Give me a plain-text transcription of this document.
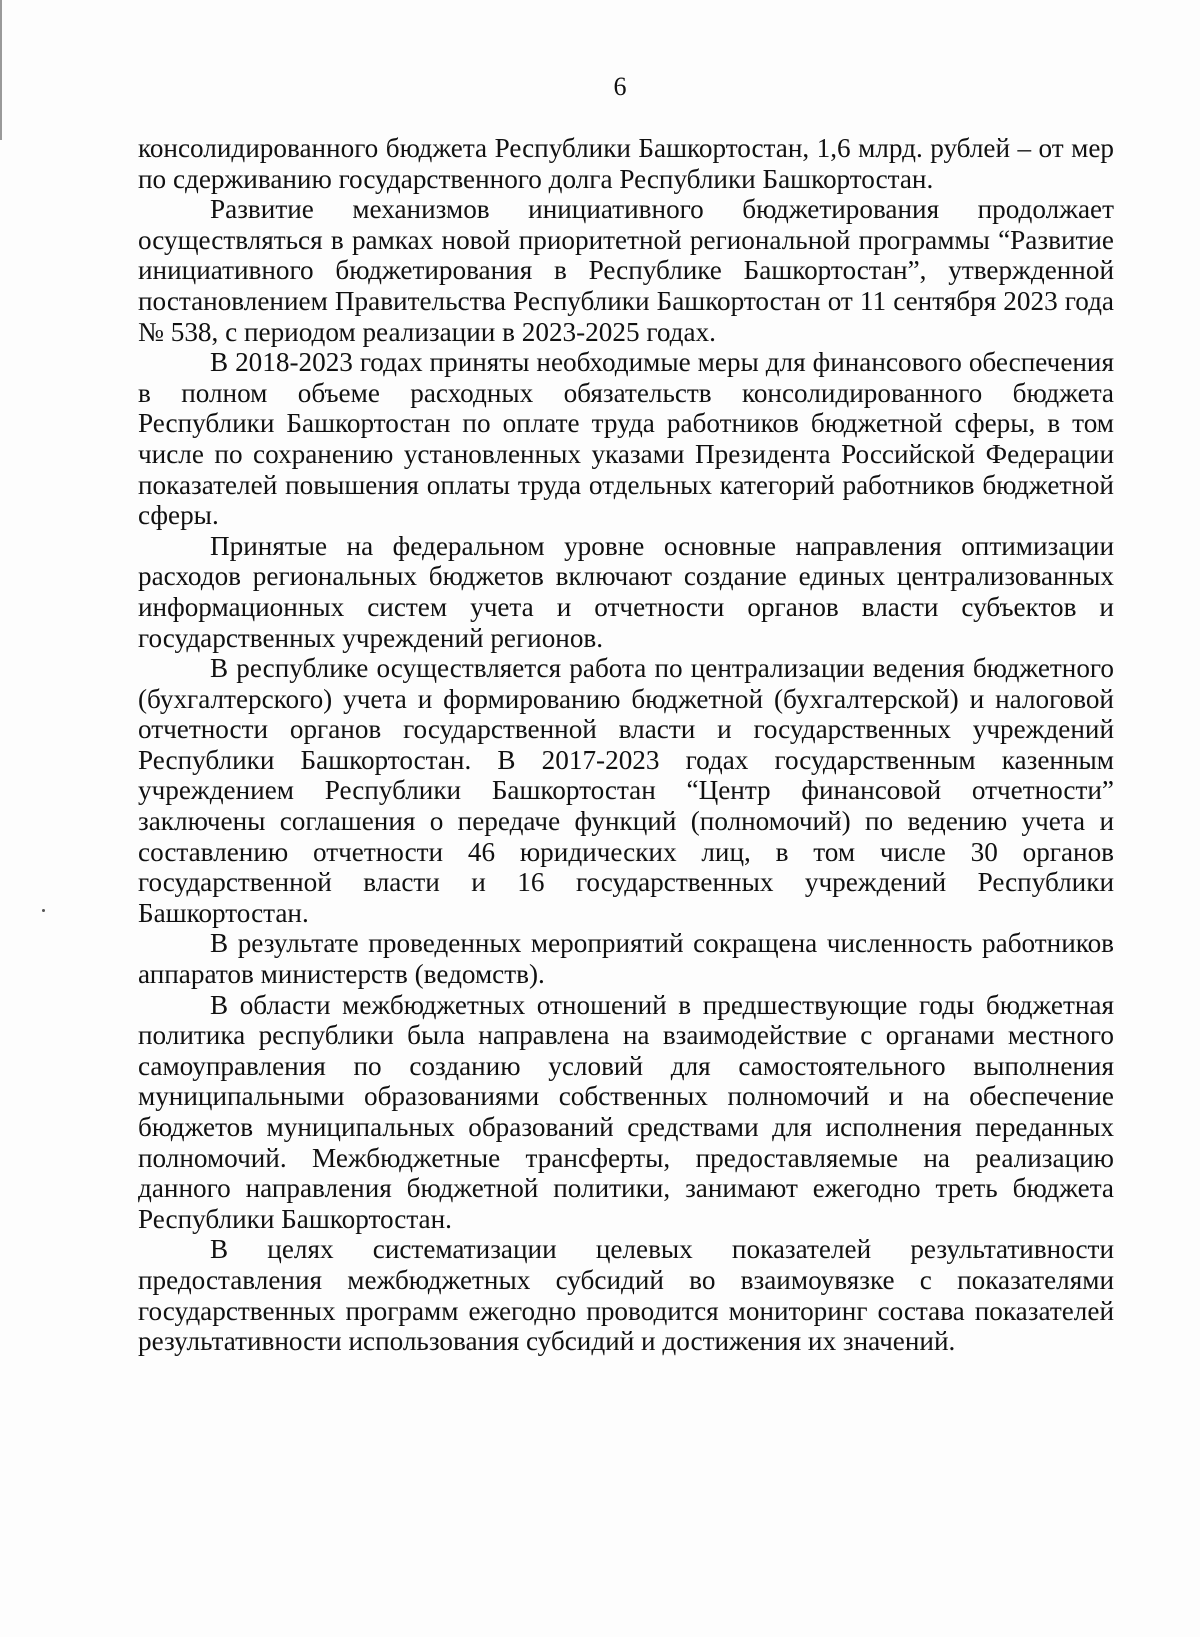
6

консолидированного бюджета Республики Башкортостан, 1,6 млрд. рублей – от мер по сдерживанию государственного долга Республики Башкортостан.

Развитие механизмов инициативного бюджетирования продолжает осуществляться в рамках новой приоритетной региональной программы “Развитие инициативного бюджетирования в Республике Башкортостан”, утвержденной постановлением Правительства Республики Башкортостан от 11 сентября 2023 года № 538, с периодом реализации в 2023-2025 годах.

В 2018-2023 годах приняты необходимые меры для финансового обеспечения в полном объеме расходных обязательств консолидированного бюджета Республики Башкортостан по оплате труда работников бюджетной сферы, в том числе по сохранению установленных указами Президента Российской Федерации показателей повышения оплаты труда отдельных категорий работников бюджетной сферы.

Принятые на федеральном уровне основные направления оптимизации расходов региональных бюджетов включают создание единых централизованных информационных систем учета и отчетности органов власти субъектов и государственных учреждений регионов.

В республике осуществляется работа по централизации ведения бюджетного (бухгалтерского) учета и формированию бюджетной (бухгалтерской) и налоговой отчетности органов государственной власти и государственных учреждений Республики Башкортостан. В 2017-2023 годах государственным казенным учреждением Республики Башкортостан “Центр финансовой отчетности” заключены соглашения о передаче функций (полномочий) по ведению учета и составлению отчетности 46 юридических лиц, в том числе 30 органов государственной власти и 16 государственных учреждений Республики Башкортостан.

В результате проведенных мероприятий сокращена численность работников аппаратов министерств (ведомств).

В области межбюджетных отношений в предшествующие годы бюджетная политика республики была направлена на взаимодействие с органами местного самоуправления по созданию условий для самостоятельного выполнения муниципальными образованиями собственных полномочий и на обеспечение бюджетов муниципальных образований средствами для исполнения переданных полномочий. Межбюджетные трансферты, предоставляемые на реализацию данного направления бюджетной политики, занимают ежегодно треть бюджета Республики Башкортостан.

В целях систематизации целевых показателей результативности предоставления межбюджетных субсидий во взаимоувязке с показателями государственных программ ежегодно проводится мониторинг состава показателей результативности использования субсидий и достижения их значений.
